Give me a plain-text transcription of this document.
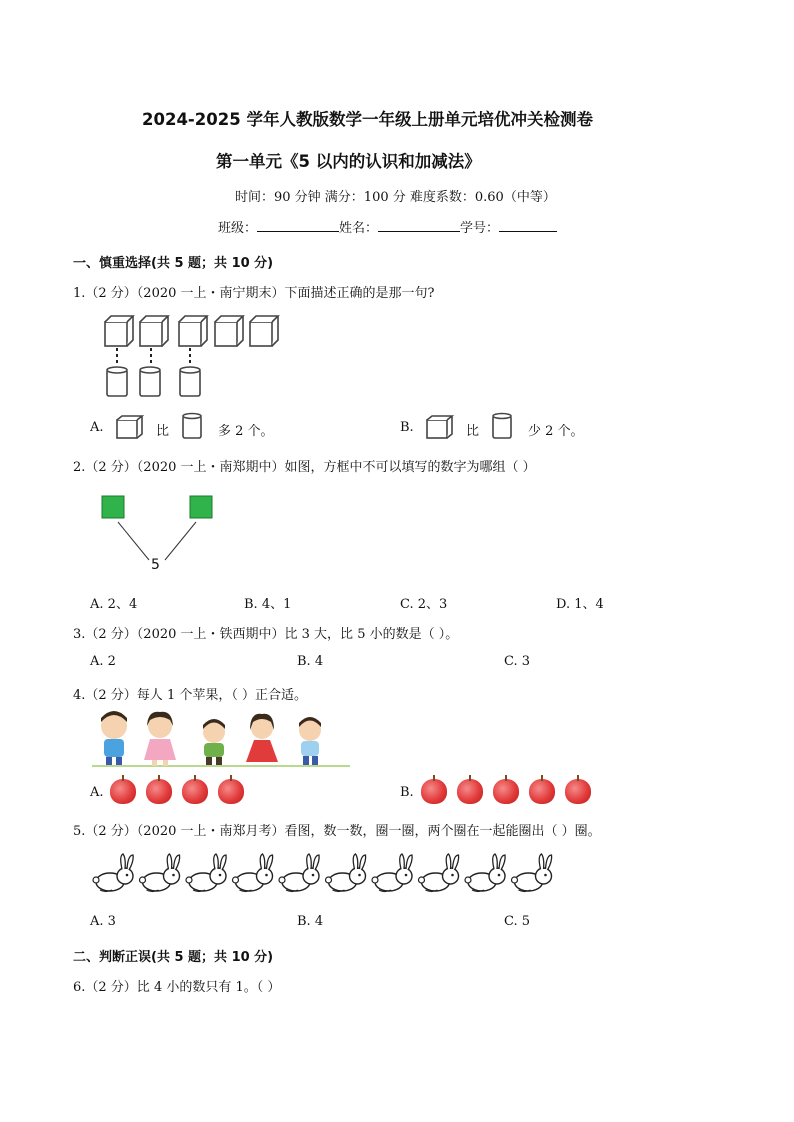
2024-2025 学年人教版数学一年级上册单元培优冲关检测卷
第一单元《5 以内的认识和加减法》
时间：90 分钟 满分：100 分 难度系数：0.60（中等）
班级：	姓名：	学号：
一、慎重选择(共 5 题；共 10 分)
1.（2 分）（2020 一上・南宁期末）下面描述正确的是那一句?
A.	比	多 2 个。	B.	比	少 2 个。
2.（2 分）（2020 一上・南郑期中）如图，方框中不可以填写的数字为哪组（ ）
5
A. 2、4	B. 4、1	C. 2、3	D. 1、4
3.（2 分）（2020 一上・铁西期中）比 3 大，比 5 小的数是（ ）。
A. 2	B. 4	C. 3
4.（2 分）每人 1 个苹果，（ ）正合适。
A.	B.
5.（2 分）（2020 一上・南郑月考）看图，数一数，圈一圈，两个圈在一起能圈出（ ）圈。
A. 3	B. 4	C. 5
二、判断正误(共 5 题；共 10 分)
6.（2 分）比 4 小的数只有 1。（ ）
